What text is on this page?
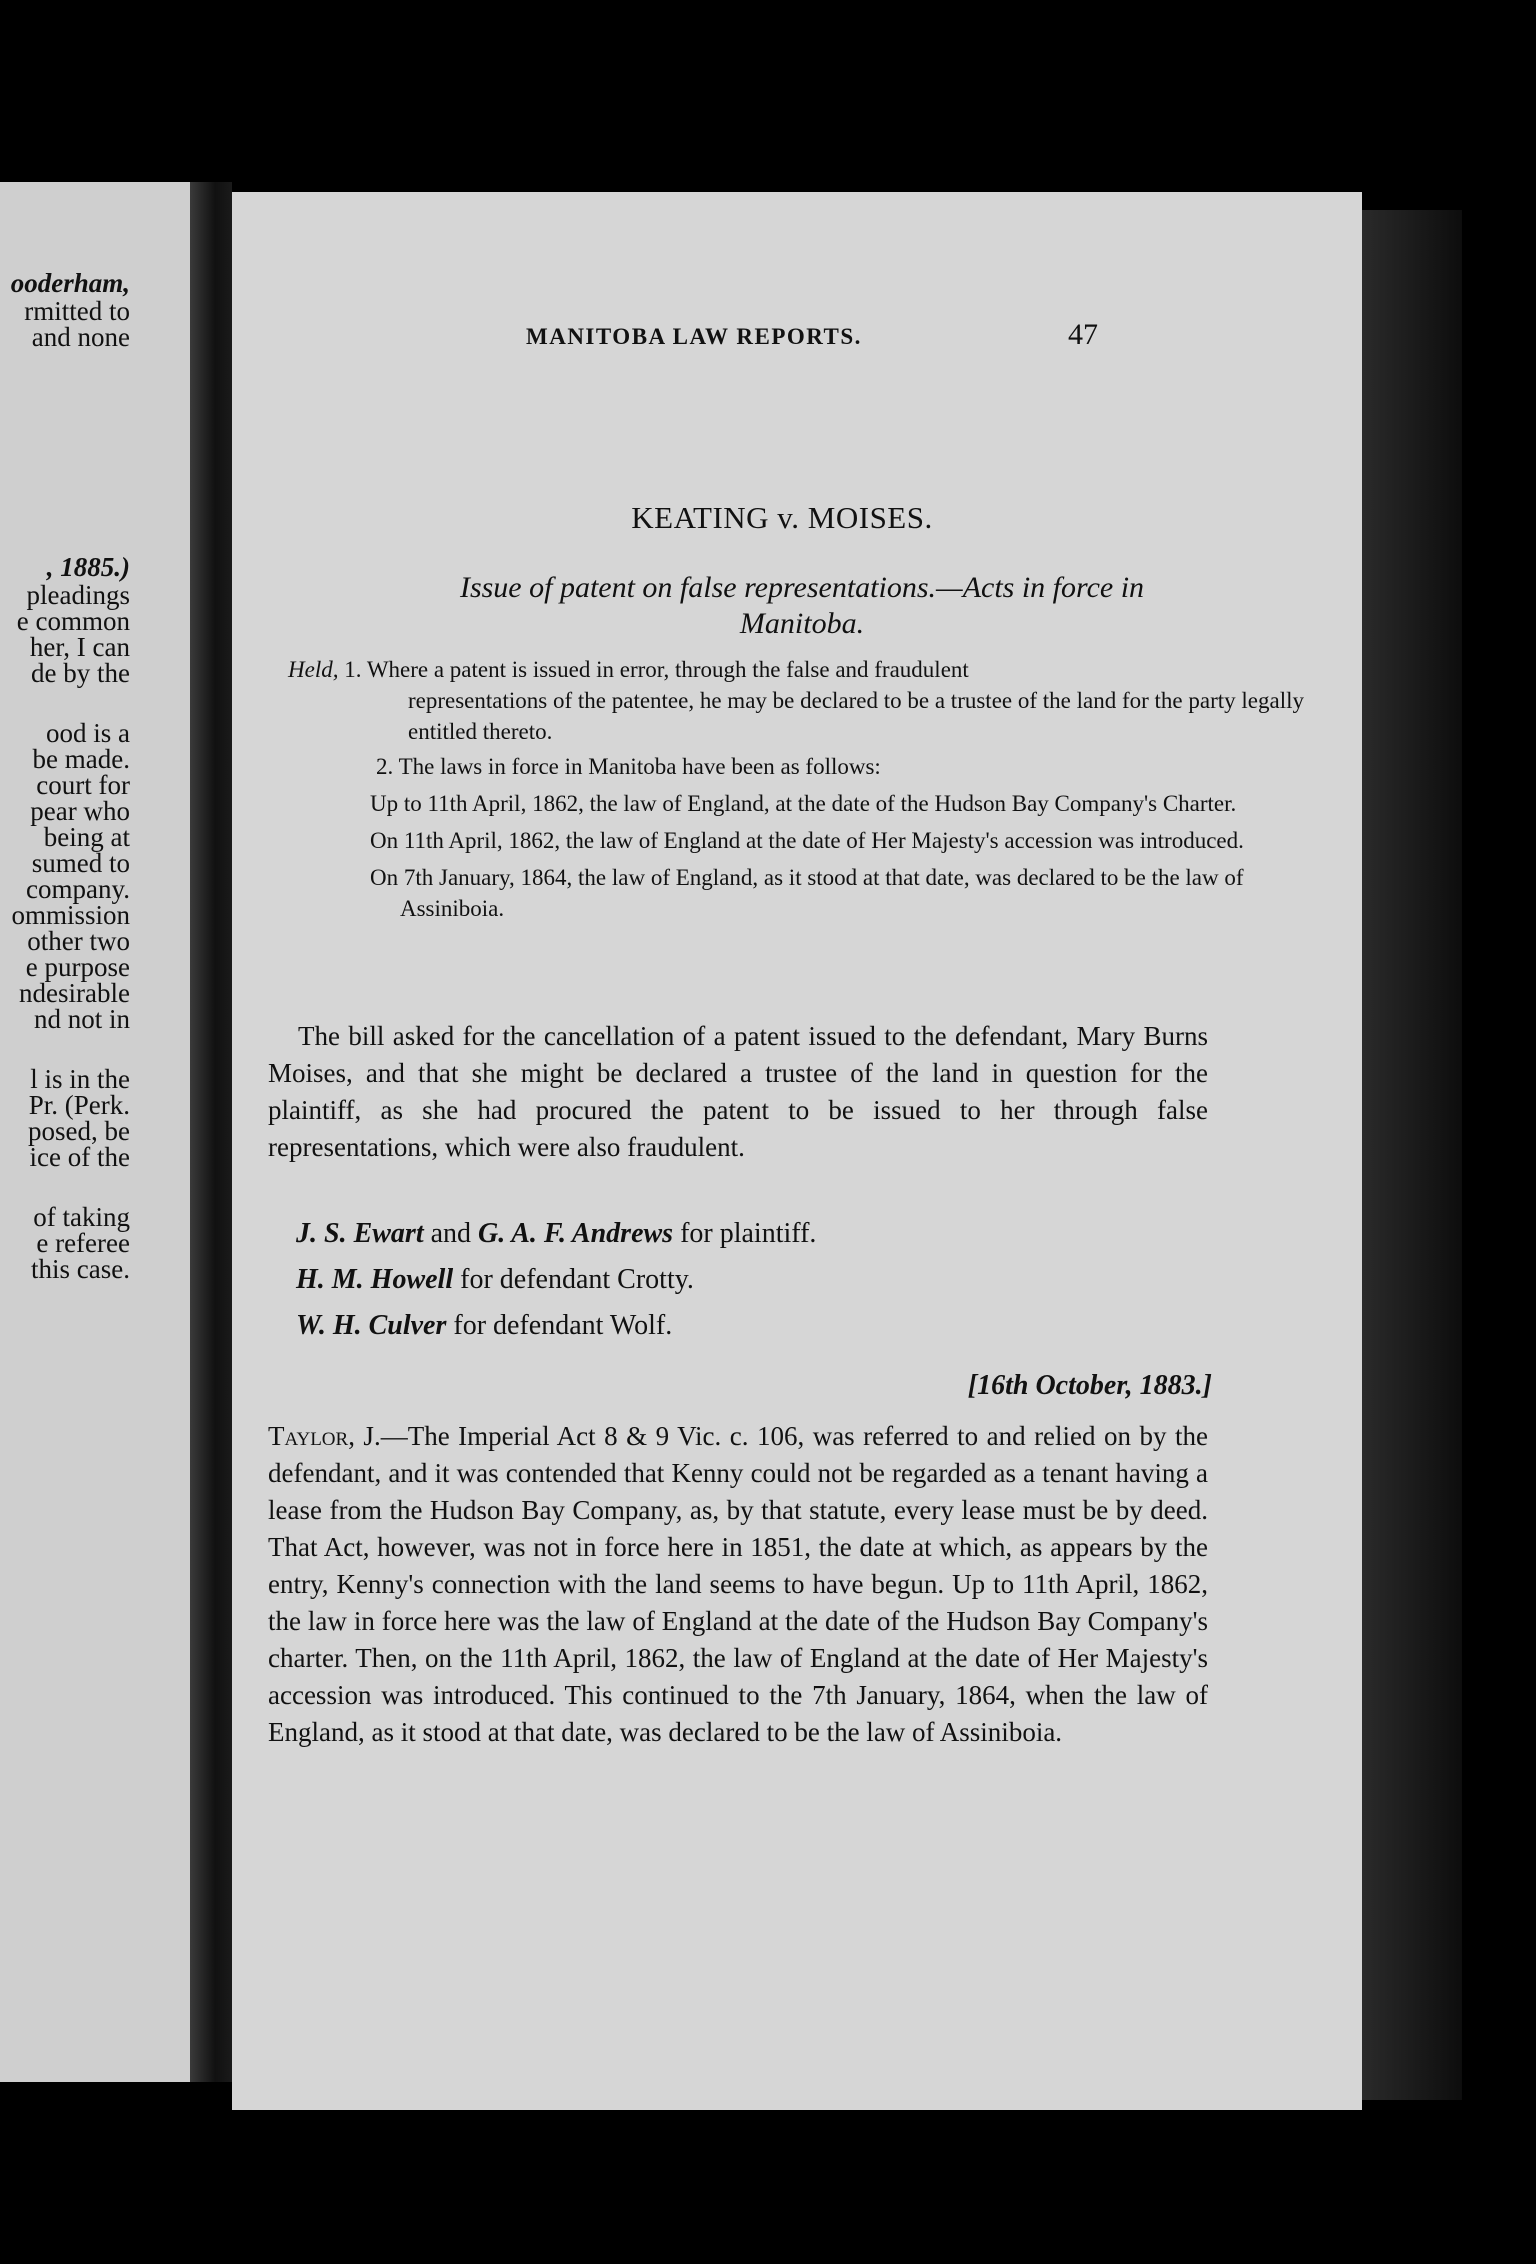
ooderham,
rmitted to
and none
, 1885.)
pleadings
e common
her, I can
de by the
ood is a
be made.
court for
pear who
being at
sumed to
company.
ommission
other two
e purpose
ndesirable
nd not in
l is in the
Pr. (Perk.
posed, be
ice of the
of taking
e referee
this case.
MANITOBA LAW REPORTS.	47
KEATING v. MOISES.
Issue of patent on false representations.—Acts in force in
Manitoba.

Held, 1. Where a patent is issued in error, through the false and fraudulent

representations of the patentee, he may be declared to be a trustee of the land for the party legally entitled thereto.

2. The laws in force in Manitoba have been as follows:

Up to 11th April, 1862, the law of England, at the date of the Hudson Bay Company's Charter.

On 11th April, 1862, the law of England at the date of Her Majesty's accession was introduced.

On 7th January, 1864, the law of England, as it stood at that date, was declared to be the law of Assiniboia.

The bill asked for the cancellation of a patent issued to the defendant, Mary Burns Moises, and that she might be declared a trustee of the land in question for the plaintiff, as she had procured the patent to be issued to her through false representations, which were also fraudulent.

J. S. Ewart and G. A. F. Andrews for plaintiff.
H. M. Howell for defendant Crotty.
W. H. Culver for defendant Wolf.
[16th October, 1883.]

Taylor, J.—The Imperial Act 8 & 9 Vic. c. 106, was referred to and relied on by the defendant, and it was contended that Kenny could not be regarded as a tenant having a lease from the Hudson Bay Company, as, by that statute, every lease must be by deed. That Act, however, was not in force here in 1851, the date at which, as appears by the entry, Kenny's connection with the land seems to have begun. Up to 11th April, 1862, the law in force here was the law of England at the date of the Hudson Bay Company's charter. Then, on the 11th April, 1862, the law of England at the date of Her Majesty's accession was introduced. This continued to the 7th January, 1864, when the law of England, as it stood at that date, was declared to be the law of Assiniboia.
